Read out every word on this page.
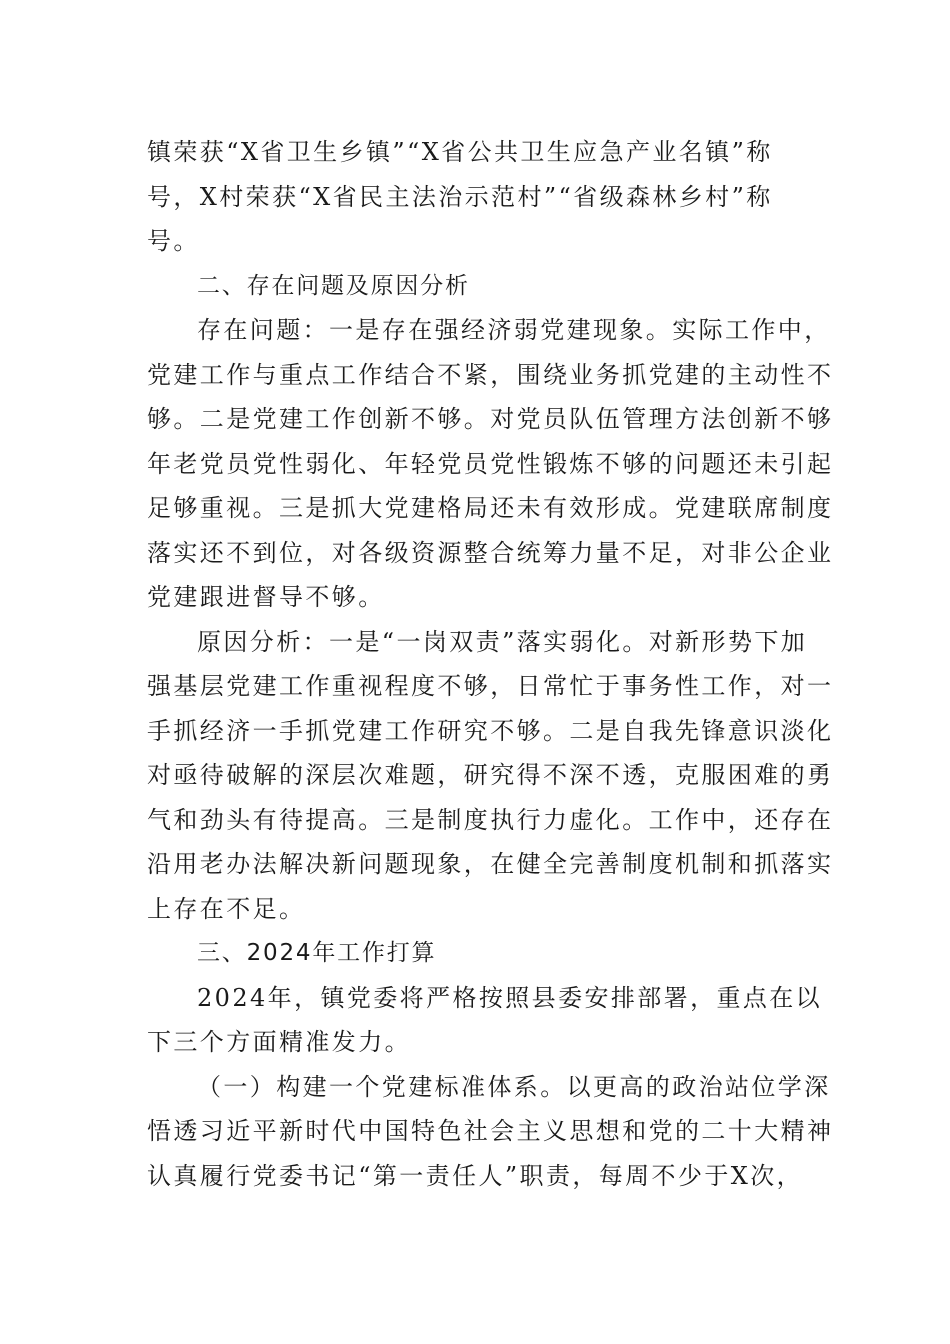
镇荣获“X省卫生乡镇”“X省公共卫生应急产业名镇”称
号，X村荣获“X省民主法治示范村”“省级森林乡村”称
号。
二、存在问题及原因分析
存在问题：一是存在强经济弱党建现象。实际工作中，
党建工作与重点工作结合不紧，围绕业务抓党建的主动性不
够。二是党建工作创新不够。对党员队伍管理方法创新不够
年老党员党性弱化、年轻党员党性锻炼不够的问题还未引起
足够重视。三是抓大党建格局还未有效形成。党建联席制度
落实还不到位，对各级资源整合统筹力量不足，对非公企业
党建跟进督导不够。
原因分析：一是“一岗双责”落实弱化。对新形势下加
强基层党建工作重视程度不够，日常忙于事务性工作，对一
手抓经济一手抓党建工作研究不够。二是自我先锋意识淡化
对亟待破解的深层次难题，研究得不深不透，克服困难的勇
气和劲头有待提高。三是制度执行力虚化。工作中，还存在
沿用老办法解决新问题现象，在健全完善制度机制和抓落实
上存在不足。
三、2024年工作打算
2024年，镇党委将严格按照县委安排部署，重点在以
下三个方面精准发力。
（一）构建一个党建标准体系。以更高的政治站位学深
悟透习近平新时代中国特色社会主义思想和党的二十大精神
认真履行党委书记“第一责任人”职责，每周不少于X次，
